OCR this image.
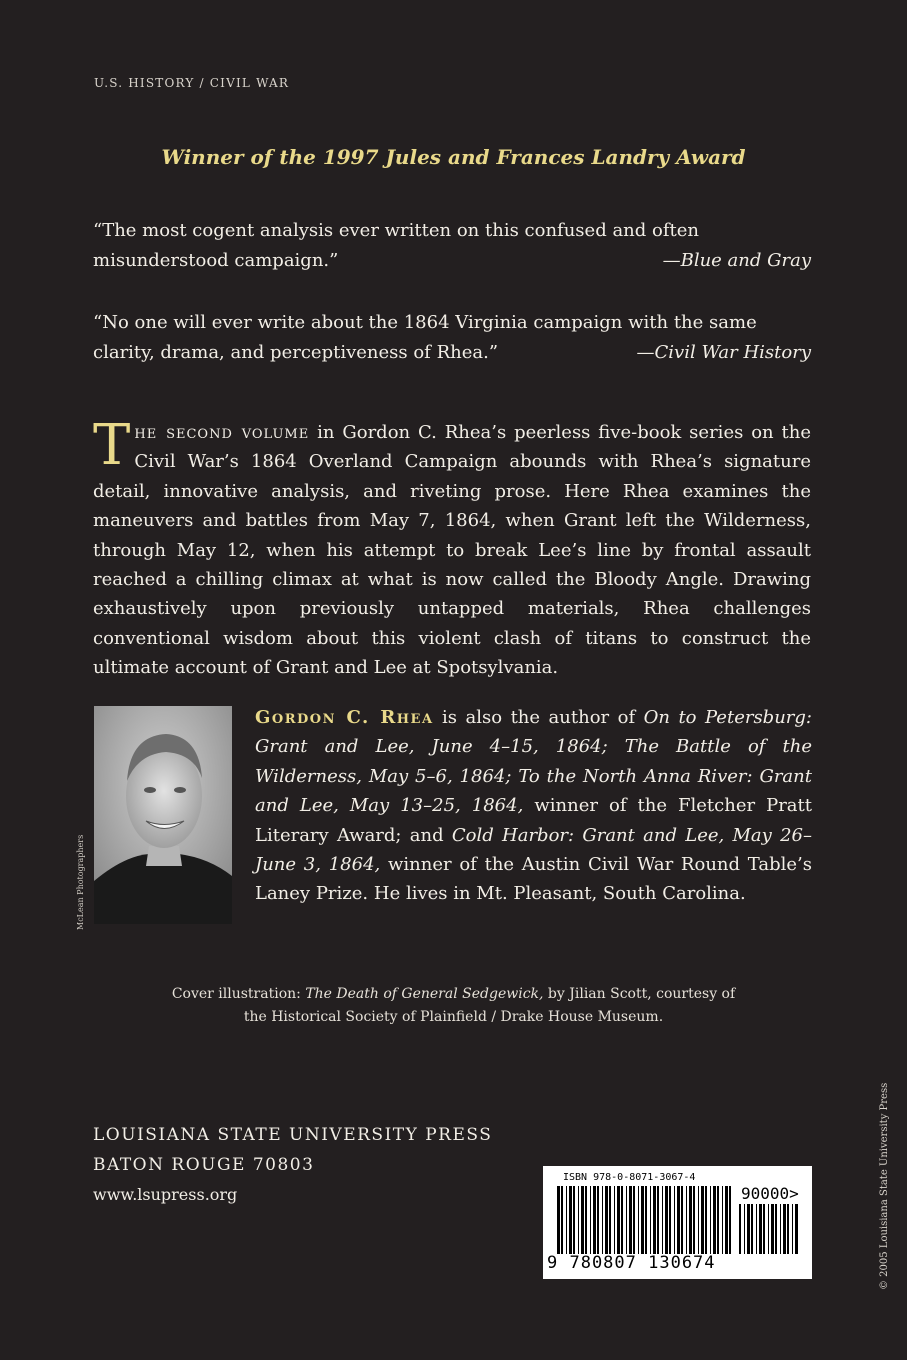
U.S. HISTORY / CIVIL WAR
Winner of the 1997 Jules and Frances Landry Award
“The most cogent analysis ever written on this confused and often misunderstood campaign.”	—Blue and Gray
“No one will ever write about the 1864 Virginia campaign with the same clarity, drama, and perceptiveness of Rhea.”	—Civil War History
The second volume in Gordon C. Rhea’s peerless five-book series on the Civil War’s 1864 Overland Campaign abounds with Rhea’s signature detail, innovative analysis, and riveting prose. Here Rhea examines the maneuvers and battles from May 7, 1864, when Grant left the Wilderness, through May 12, when his attempt to break Lee’s line by frontal assault reached a chilling climax at what is now called the Bloody Angle. Drawing exhaustively upon previously untapped materials, Rhea challenges conventional wisdom about this violent clash of titans to construct the ultimate account of Grant and Lee at Spotsylvania.
McLean Photographers
Gordon C. Rhea is also the author of On to Petersburg: Grant and Lee, June 4–15, 1864; The Battle of the Wilderness, May 5–6, 1864; To the North Anna River: Grant and Lee, May 13–25, 1864, winner of the Fletcher Pratt Literary Award; and Cold Harbor: Grant and Lee, May 26–June 3, 1864, winner of the Austin Civil War Round Table’s Laney Prize. He lives in Mt. Pleasant, South Carolina.
Cover illustration: The Death of General Sedgewick, by Jilian Scott, courtesy of
the Historical Society of Plainfield / Drake House Museum.
LOUISIANA STATE UNIVERSITY PRESS
BATON ROUGE 70803
www.lsupress.org	© 2005 Louisiana State University Press
ISBN 978-0-8071-3067-4
90000>
9 780807 130674
